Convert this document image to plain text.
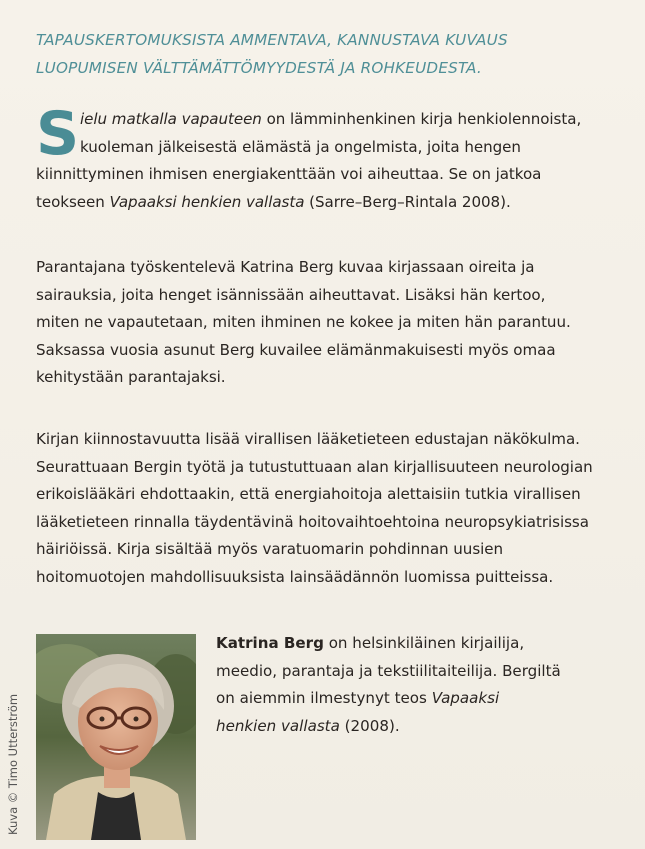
TAPAUSKERTOMUKSISTA AMMENTAVA, KANNUSTAVA KUVAUS
LUOPUMISEN VÄLTTÄMÄTTÖMYYDESTÄ JA ROHKEUDESTA.
S ielu matkalla vapauteen on lämminhenkinen kirja henkiolennoista,
kuoleman jälkeisestä elämästä ja ongelmista, joita hengen
kiinnittyminen ihmisen energiakenttään voi aiheuttaa. Se on jatkoa
teokseen Vapaaksi henkien vallasta (Sarre–Berg–Rintala 2008).
Parantajana työskentelevä Katrina Berg kuvaa kirjassaan oireita ja
sairauksia, joita henget isännissään aiheuttavat. Lisäksi hän kertoo,
miten ne vapautetaan, miten ihminen ne kokee ja miten hän parantuu.
Saksassa vuosia asunut Berg kuvailee elämänmakuisesti myös omaa
kehitystään parantajaksi.
Kirjan kiinnostavuutta lisää virallisen lääketieteen edustajan näkökulma.
Seurattuaan Bergin työtä ja tutustuttuaan alan kirjallisuuteen neurologian
erikoislääkäri ehdottaakin, että energiahoitoja alettaisiin tutkia virallisen
lääketieteen rinnalla täydentävinä hoitovaihtoehtoina neuropsykiatrisissa
häiriöissä. Kirja sisältää myös varatuomarin pohdinnan uusien
hoitomuotojen mahdollisuuksista lainsäädännön luomissa puitteissa.
Kuva © Timo Utterström
Katrina Berg on helsinkiläinen kirjailija,
meedio, parantaja ja tekstiilitaiteilija. Bergiltä
on aiemmin ilmestynyt teos Vapaaksi
henkien vallasta (2008).
